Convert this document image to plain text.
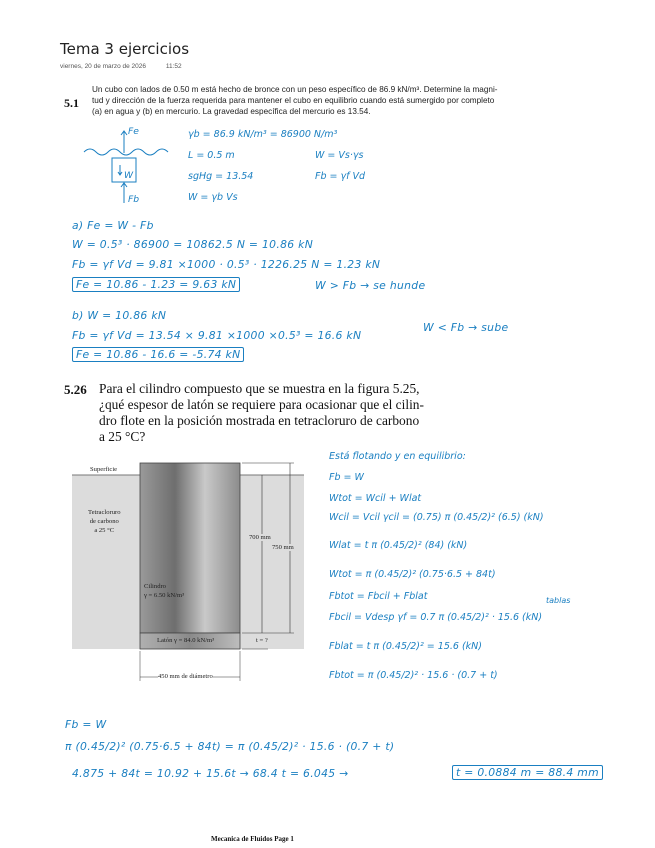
Tema 3 ejercicios
viernes, 20 de marzo de 2026	11:52
5.1
Un cubo con lados de 0.50 m está hecho de bronce con un peso específico de 86.9 kN/m³. Determine la magni-
tud y dirección de la fuerza requerida para mantener el cubo en equilibrio cuando está sumergido por completo
(a) en agua y (b) en mercurio. La gravedad específica del mercurio es 13.54.
Fe
W
Fb
γb = 86.9 kN/m³ = 86900 N/m³
L = 0.5 m
sgHg = 13.54
W = γb Vs
W = Vs·γs
Fb = γf Vd
a) Fe = W - Fb
W = 0.5³ · 86900 = 10862.5 N = 10.86 kN
Fb = γf Vd = 9.81 ×1000 · 0.5³ · 1226.25 N = 1.23 kN
Fe = 10.86 - 1.23 = 9.63 kN	W > Fb → se hunde
b) W = 10.86 kN
Fb = γf Vd = 13.54 × 9.81 ×1000 ×0.5³ = 16.6 kN
W < Fb → sube
Fe = 10.86 - 16.6 = -5.74 kN
5.26 Para el cilindro compuesto que se muestra en la figura 5.25,
¿qué espesor de latón se requiere para ocasionar que el cilin-
dro flote en la posición mostrada en tetracloruro de carbono
a 25 °C?
Superficie
Tetracloruro
de carbono
a 25 °C
Cilindro
γ = 6.50 kN/m³
Latón γ = 84.0 kN/m³	t = ?
700 mm
750 mm
450 mm de diámetro
Está flotando y en equilibrio:
Fb = W
Wtot = Wcil + Wlat
Wcil = Vcil γcil = (0.75) π (0.45/2)² (6.5) (kN)
Wlat = t π (0.45/2)² (84) (kN)
Wtot = π (0.45/2)² (0.75·6.5 + 84t)
Fbtot = Fbcil + Fblat
Fbcil = Vdesp γf = 0.7 π (0.45/2)² · 15.6 (kN)
tablas
Fblat = t π (0.45/2)² = 15.6 (kN)
Fbtot = π (0.45/2)² · 15.6 · (0.7 + t)
Fb = W
π (0.45/2)² (0.75·6.5 + 84t) = π (0.45/2)² · 15.6 · (0.7 + t)
4.875 + 84t = 10.92 + 15.6t → 68.4 t = 6.045 →	t = 0.0884 m = 88.4 mm
Mecanica de Fluidos Page 1
